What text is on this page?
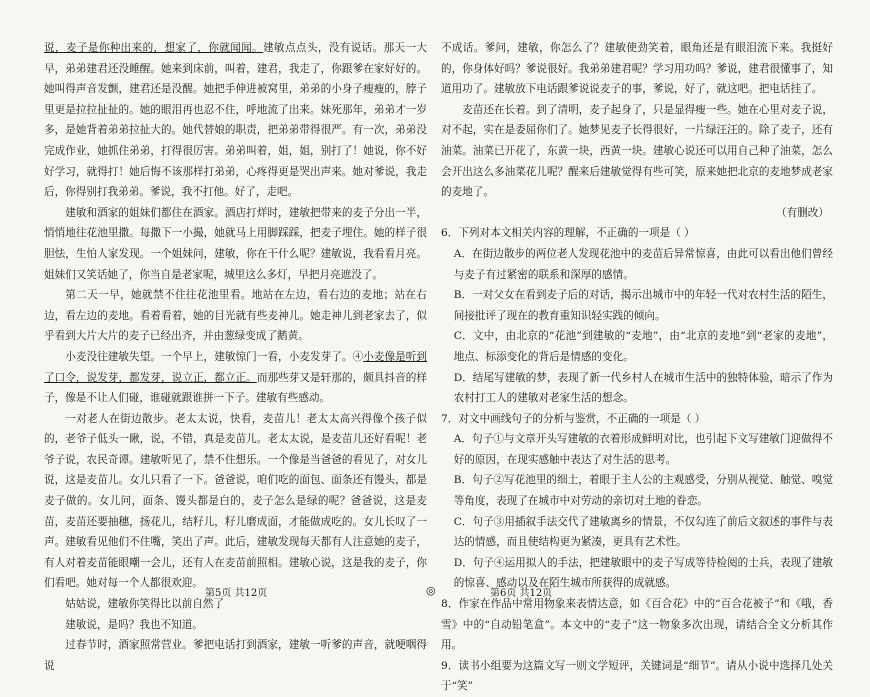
说，麦子是你种出来的，想家了，你就闻闻。建敏点点头，没有说话。那天一大早，弟弟建君还没睡醒。她来到床前，叫着，建君，我走了，你跟爹在家好好的。她叫得声音发颤，建君还是没醒。她把手伸进被窝里，弟弟的小身子瘦瘦的，脖子里更是拉拉扯扯的。她的眼泪再也忍不住，呼地流了出来。妹死那年，弟弟才一岁多，是她背着弟弟拉扯大的。她代替娘的职责，把弟弟带得很严。有一次，弟弟没完成作业，她抓住弟弟，打得很厉害。弟弟叫着，姐，姐，别打了！她说，你不好好学习，就得打！她后悔不该那样打弟弟，心疼得更是哭出声来。她对爹说，我走后，你得别打我弟弟。爹说，我不打他。好了，走吧。

建敏和酒家的姐妹们都住在酒家。酒店打烊时，建敏把带来的麦子分出一半，悄悄地往花池里撒。每撒下一小撮，她就马上用脚踩踩，把麦子埋住。她的样子很胆怯，生怕人家发现。一个姐妹问，建敏，你在干什么呢？建敏说，我看看月亮。姐妹们又笑话她了，你当自是老家呢，城里这么多灯，早把月亮遮没了。

第二天一早，她就禁不住往花池里看。地站在左边，看右边的麦地；站在右边，看左边的麦地。看着看着，她的目光就有些麦神儿。她走神儿到老家去了，似乎看到大片大片的麦子已经出齐，并由葱绿变成了鹅黄。

小麦没往建敏失望。一个早上，建敏惊门一看，小麦发芽了。④小麦像是听到了口令，说发芽，都发芽，说立正，都立正。而那些芽又是轩那的，颇具抖音的样子，像是不让人们碰，谁碰就跟谁拼一下子。建敏有些感动。

一对老人在街边散步。老太太说，快看，麦苗儿！老太太高兴得像个孩子似的，老爷子低头一瞅，说，不错，真是麦苗儿。老太太说，是麦苗儿还好看呢！老爷子说，农民奇谭。建敏听见了，禁不住想乐。一个像是当爸爸的看见了，对女儿说，这是麦苗儿。女儿只看了一下。爸爸说，咱们吃的面包、面条还有馒头，都是麦子做的。女儿问，面条、馒头都是白的，麦子怎么是绿的呢？爸爸说，这是麦苗，麦苗还要抽穗，扬花儿，结籽儿，籽儿磨成面，才能做成吃的。女儿长叹了一声。建敏看见他们不住嘴，笑出了声。此后，建敏发现每天都有人注意她的麦子，有人对着麦苗能眼嘲一会儿，还有人在麦苗前照相。建敏心说，这是我的麦子，你们看吧。她对每一个人都很欢迎。

姑姑说，建敏你笑得比以前自然了

建敏说，是吗？我也不知道。

过春节时，酒家照常营业。爹把电话打到酒家，建敏一听爹的声音，就哽咽得说

不成话。爹问，建敏，你怎么了？建敏使劲笑着，眼角还是有眼泪流下来。我挺好的，你身体好吗？爹说很好。我弟弟建君呢？学习用功吗？爹说，建君很懂事了，知道用功了。建敏放下电话跟爹说说麦子的事，爹说，好了，就这吧。把电话挂了。

麦苗还在长着。到了清明，麦子起身了，只是显得瘦一些。她在心里对麦子说，对不起，实在是委屈你们了。她梦见麦子长得很好，一片绿汪汪的。除了麦子，还有油菜。油菜已开花了，东黄一块，西黄一块。建敏心说还可以用自己种了油菜，怎么会开出这么多油菜花儿呢？醒来后建敏觉得有些可笑，原来她把北京的麦地梦成老家的麦地了。

（有删改）

6．下列对本文相关内容的理解，不正确的一项是（ ）

A．在街边散步的两位老人发现花池中的麦苗后异常惊喜，由此可以看出他们曾经与麦子有过紧密的联系和深厚的感情。

B．一对父女在看到麦子后的对话，揭示出城市中的年轻一代对农村生活的陌生，间接批评了现在的教育重知识轻实践的倾向。

C．文中，由北京的“花池”到建敏的“麦地”，由“北京的麦地”到“老家的麦地”，地点、标添变化的背后是情感的变化。

D．结尾写建敏的梦，表现了新一代乡村人在城市生活中的独特体验，暗示了作为农村打工人的建敏对老家生活的想念。

7．对文中画线句子的分析与鉴赏，不正确的一项是（ ）

A．句子①与文章开头写建敏的衣着形成鲜明对比，也引起下文写建敏门迎做得不好的原因，在现实感触中表达了对生活的思考。

B．句子②写花池里的细土，着眼于主人公的主观感受，分别从视觉、触觉、嗅觉等角度，表现了在城市中对劳动的亲切对土地的眷恋。

C．句子③用插叙手法交代了建敏离乡的情景，不仅勾连了前后文叙述的事件与表达的情感，而且使结构更为紧凑，更具有艺术性。

D．句子④运用拟人的手法，把建敏眼中的麦子写成等待检阅的士兵，表现了建敏的惊喜、感动以及在陌生城市所获得的成就感。

8．作家在作品中常用物象来表情达意，如《百合花》中的“百合花被子”和《哦，香雪》中的“自动铅笔盒”。本文中的“麦子”这一物象多次出现，请结合全文分析其作用。

9．读书小组要为这篇文写一则文学短评，关键词是“细节”。请从小说中选择几处关于“笑”

第5页 共12页	◎	第6页 共12页
